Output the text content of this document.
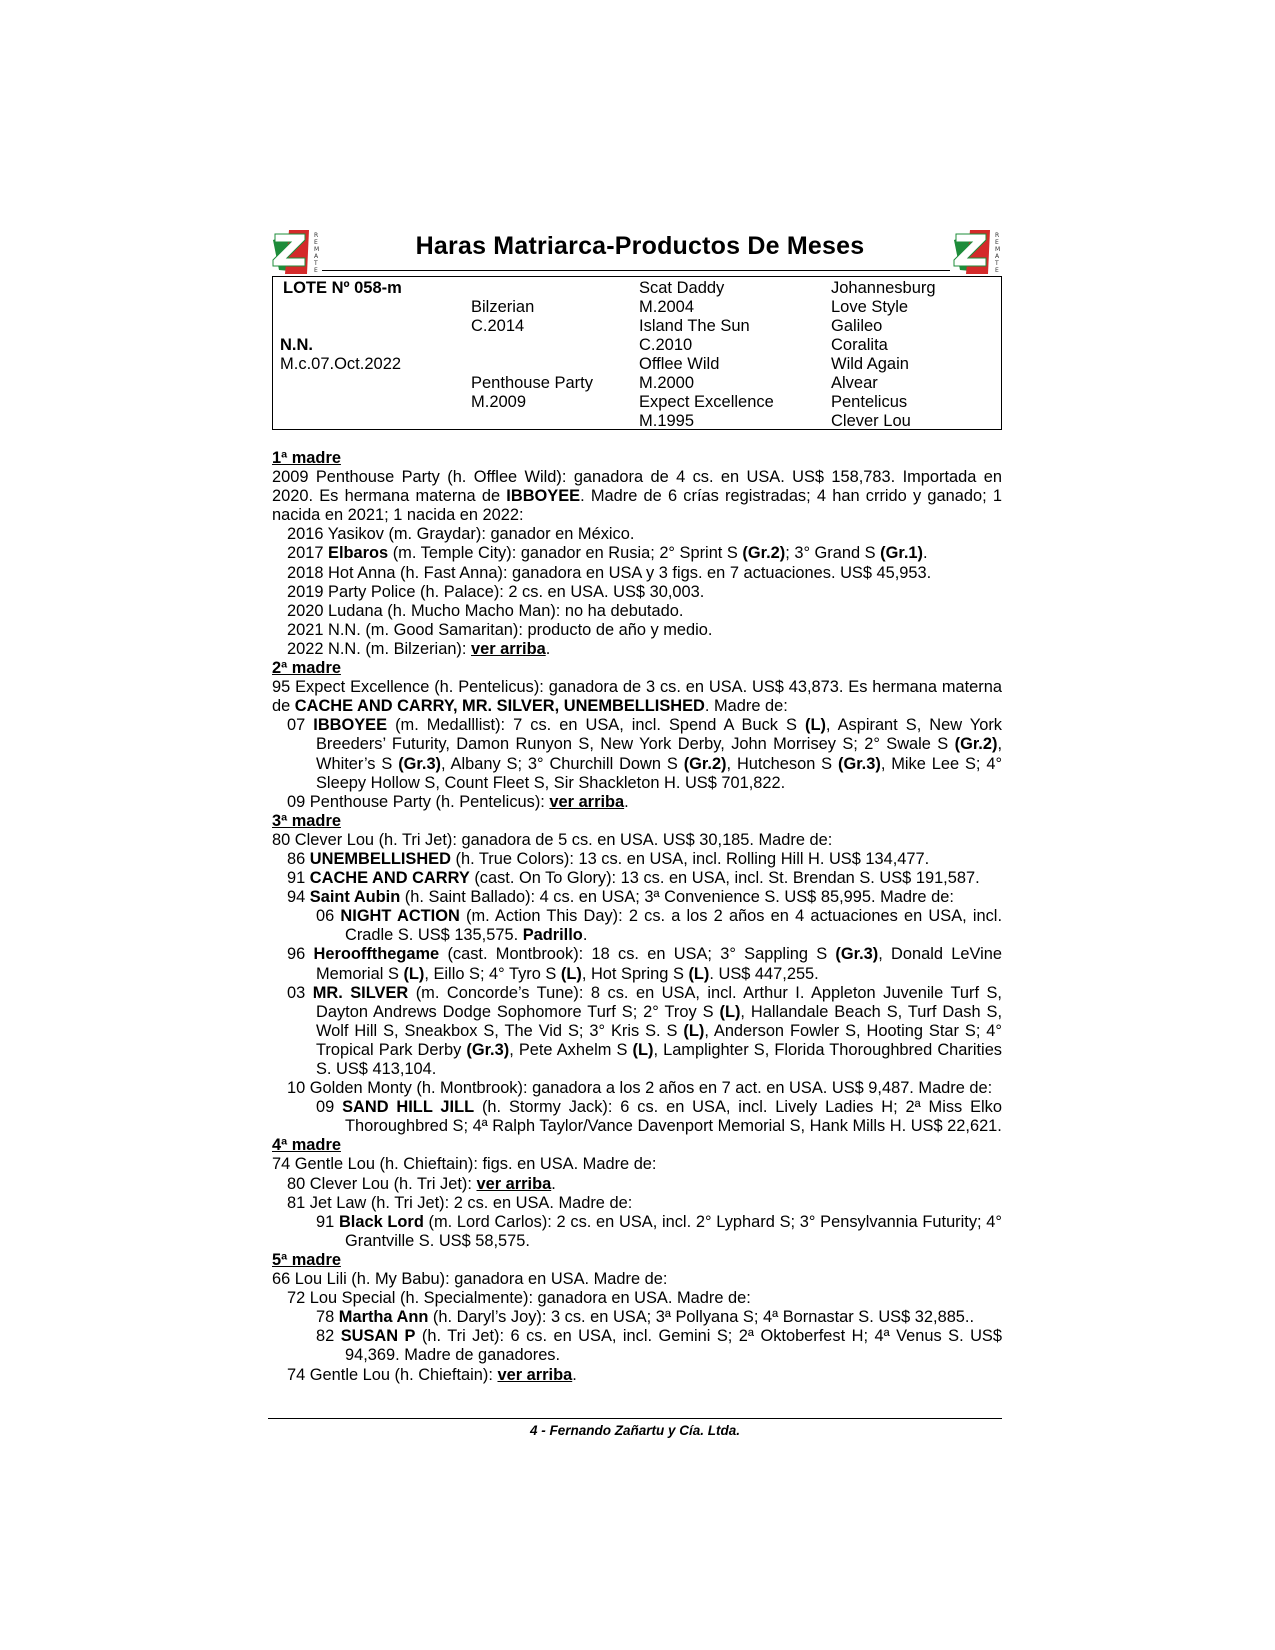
R
E
M
A
T
E
Haras Matriarca-Productos De Meses	R
E
M
A
T
E
LOTE Nº 058-m
N.N.
M.c.07.Oct.2022
Bilzerian
C.2014
Penthouse Party
M.2009
Scat Daddy
M.2004
Island The Sun
C.2010
Offlee Wild
M.2000
Expect Excellence
M.1995
Johannesburg
Love Style
Galileo
Coralita
Wild Again
Alvear
Pentelicus
Clever Lou
1ª madre
2009 Penthouse Party (h. Offlee Wild): ganadora de 4 cs. en USA. US$ 158,783. Importada en 2020. Es hermana materna de IBBOYEE. Madre de 6 crías registradas; 4 han crrido y ganado; 1 nacida en 2021; 1 nacida en 2022:
2016 Yasikov (m. Graydar): ganador en México.
2017 Elbaros (m. Temple City): ganador en Rusia; 2° Sprint S (Gr.2); 3° Grand S (Gr.1).
2018 Hot Anna (h. Fast Anna): ganadora en USA y 3 figs. en 7 actuaciones. US$ 45,953.
2019 Party Police (h. Palace): 2 cs. en USA. US$ 30,003.
2020 Ludana (h. Mucho Macho Man): no ha debutado.
2021 N.N. (m. Good Samaritan): producto de año y medio.
2022 N.N. (m. Bilzerian): ver arriba.
2ª madre
95 Expect Excellence (h. Pentelicus): ganadora de 3 cs. en USA. US$ 43,873. Es hermana materna de CACHE AND CARRY, MR. SILVER, UNEMBELLISHED. Madre de:
07 IBBOYEE (m. Medalllist): 7 cs. en USA, incl. Spend A Buck S (L), Aspirant S, New York Breeders’ Futurity, Damon Runyon S, New York Derby, John Morrisey S; 2° Swale S (Gr.2), Whiter’s S (Gr.3), Albany S; 3° Churchill Down S (Gr.2), Hutcheson S (Gr.3), Mike Lee S; 4° Sleepy Hollow S, Count Fleet S, Sir Shackleton H. US$ 701,822.
09 Penthouse Party (h. Pentelicus): ver arriba.
3ª madre
80 Clever Lou (h. Tri Jet): ganadora de 5 cs. en USA. US$ 30,185. Madre de:
86 UNEMBELLISHED (h. True Colors): 13 cs. en USA, incl. Rolling Hill H. US$ 134,477.
91 CACHE AND CARRY (cast. On To Glory): 13 cs. en USA, incl. St. Brendan S. US$ 191,587.
94 Saint Aubin (h. Saint Ballado): 4 cs. en USA; 3ª Convenience S. US$ 85,995. Madre de:
06 NIGHT ACTION (m. Action This Day): 2 cs. a los 2 años en 4 actuaciones en USA, incl. Cradle S. US$ 135,575. Padrillo.
96 Herooffthegame (cast. Montbrook): 18 cs. en USA; 3° Sappling S (Gr.3), Donald LeVine Memorial S (L), Eillo S; 4° Tyro S (L), Hot Spring S (L). US$ 447,255.
03 MR. SILVER (m. Concorde’s Tune): 8 cs. en USA, incl. Arthur I. Appleton Juvenile Turf S, Dayton Andrews Dodge Sophomore Turf S; 2° Troy S (L), Hallandale Beach S, Turf Dash S, Wolf Hill S, Sneakbox S, The Vid S; 3° Kris S. S (L), Anderson Fowler S, Hooting Star S; 4° Tropical Park Derby (Gr.3), Pete Axhelm S (L), Lamplighter S, Florida Thoroughbred Charities S. US$ 413,104.
10 Golden Monty (h. Montbrook): ganadora a los 2 años en 7 act. en USA. US$ 9,487. Madre de:
09 SAND HILL JILL (h. Stormy Jack): 6 cs. en USA, incl. Lively Ladies H; 2ª Miss Elko Thoroughbred S; 4ª Ralph Taylor/Vance Davenport Memorial S, Hank Mills H. US$ 22,621.
4ª madre
74 Gentle Lou (h. Chieftain): figs. en USA. Madre de:
80 Clever Lou (h. Tri Jet): ver arriba.
81 Jet Law (h. Tri Jet): 2 cs. en USA. Madre de:
91 Black Lord (m. Lord Carlos): 2 cs. en USA, incl. 2° Lyphard S; 3° Pensylvannia Futurity; 4° Grantville S. US$ 58,575.
5ª madre
66 Lou Lili (h. My Babu): ganadora en USA. Madre de:
72 Lou Special (h. Specialmente): ganadora en USA. Madre de:
78 Martha Ann (h. Daryl’s Joy): 3 cs. en USA; 3ª Pollyana S; 4ª Bornastar S. US$ 32,885..
82 SUSAN P (h. Tri Jet): 6 cs. en USA, incl. Gemini S; 2ª Oktoberfest H; 4ª Venus S. US$ 94,369. Madre de ganadores.
74 Gentle Lou (h. Chieftain): ver arriba.
4 - Fernando Zañartu y Cía. Ltda.
